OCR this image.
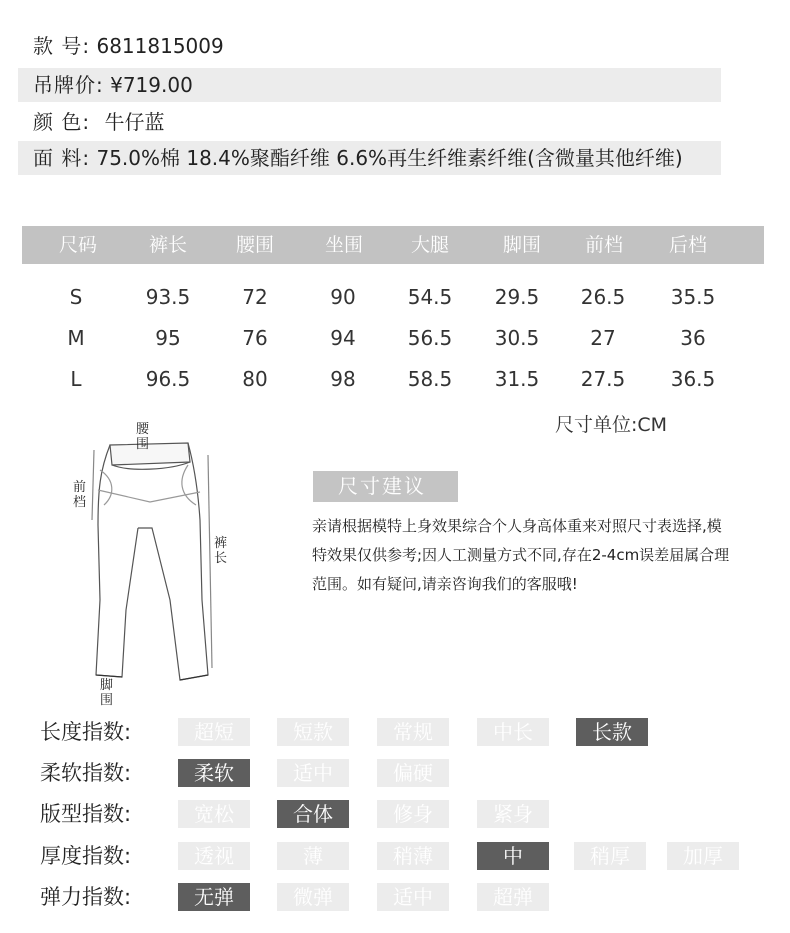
款 号: 6811815009
吊牌价: ¥719.00
颜 色: 牛仔蓝
面 料: 75.0%棉 18.4%聚酯纤维 6.6%再生纤维素纤维(含微量其他纤维)
尺码	裤长	腰围	坐围	大腿	脚围	前档	后档
S	93.5	72	90	54.5	29.5	26.5	35.5
M	95	76	94	56.5	30.5	27	36
L	96.5	80	98	58.5	31.5	27.5	36.5
尺寸单位:CM
腰围
前档
裤长
脚围
尺寸建议
亲请根据模特上身效果综合个人身高体重来对照尺寸表选择,模特效果仅供参考;因人工测量方式不同,存在2-4cm误差届属合理范围。如有疑问,请亲咨询我们的客服哦!
长度指数:	超短	短款	常规	中长	长款
柔软指数:	柔软	适中	偏硬
版型指数:	宽松	合体	修身	紧身
厚度指数:	透视	薄	稍薄	中	稍厚	加厚
弹力指数:	无弹	微弹	适中	超弹
